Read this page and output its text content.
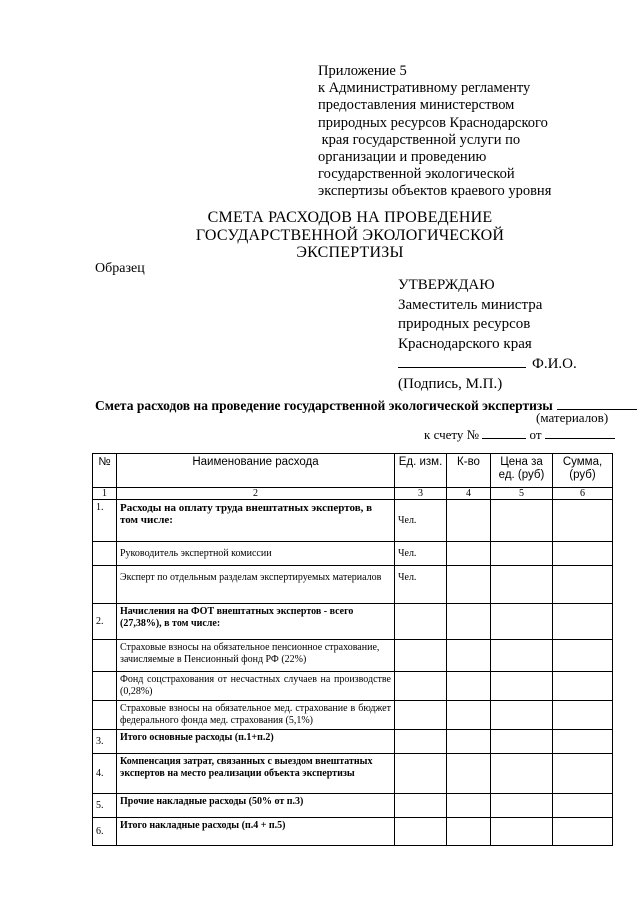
Приложение 5
к Административному регламенту
предоставления министерством
природных ресурсов Краснодарского
края государственной услуги по
организации и проведению
государственной экологической
экспертизы объектов краевого уровня
СМЕТА РАСХОДОВ НА ПРОВЕДЕНИЕ
ГОСУДАРСТВЕННОЙ ЭКОЛОГИЧЕСКОЙ
ЭКСПЕРТИЗЫ
Образец
УТВЕРЖДАЮ
Заместитель министра
природных ресурсов
Краснодарского края
Ф.И.О.
(Подпись, М.П.)
Смета расходов на проведение государственной экологической экспертизы
(материалов)
к счету №	от
№	Наименование расхода	Ед. изм.	К-во	Цена за ед. (руб)	Сумма, (руб)
1	2	3	4	5	6
1.	Расходы на оплату труда внештатных экспертов, в том числе:	Чел.			
	Руководитель экспертной комиссии	Чел.			
	Эксперт по отдельным разделам экспертируемых материалов	Чел.			
2.	Начисления на ФОТ внештатных экспертов - всего (27,38%), в том числе:				
	Страховые взносы на обязательное пенсионное страхование, зачисляемые в Пенсионный фонд РФ (22%)				
	Фонд соцстрахования от несчастных случаев на производстве (0,28%)				
	Страховые взносы на обязательное мед. страхование в бюджет федерального фонда мед. страхования (5,1%)				
3.	Итого основные расходы (п.1+п.2)				
4.	Компенсация затрат, связанных с выездом внештатных экспертов на место реализации объекта экспертизы				
5.	Прочие накладные расходы (50% от п.3)				
6.	Итого накладные расходы (п.4 + п.5)				
